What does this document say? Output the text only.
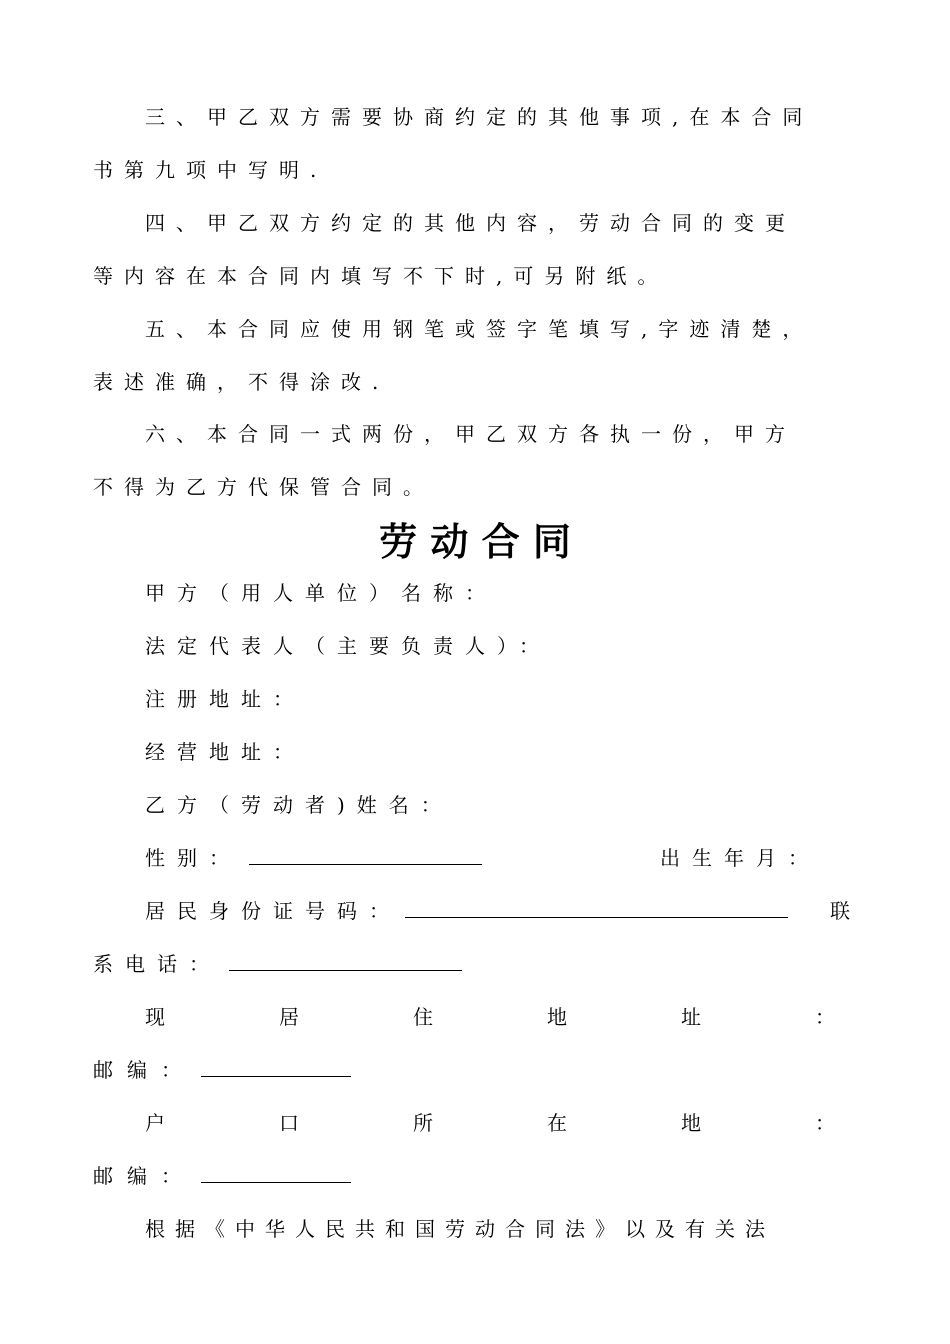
三、甲乙双方需要协商约定的其他事项,在本合同
书第九项中写明.
四、甲乙双方约定的其他内容，劳动合同的变更
等内容在本合同内填写不下时,可另附纸。
五、本合同应使用钢笔或签字笔填写,字迹清楚，
表述准确，不得涂改.
六、本合同一式两份，甲乙双方各执一份，甲方
不得为乙方代保管合同。
劳 动 合 同
甲方（用人单位）名称：
法定代表人（主要负责人）：
注册地址：
经营地址：
乙方（劳动者)姓名：
性别：	出生年月：
居民身份证号码：	联
系电话：
现	居	住	地	址	：
邮编：
户	口	所	在	地	：
邮编：
根据《中华人民共和国劳动合同法》以及有关法
